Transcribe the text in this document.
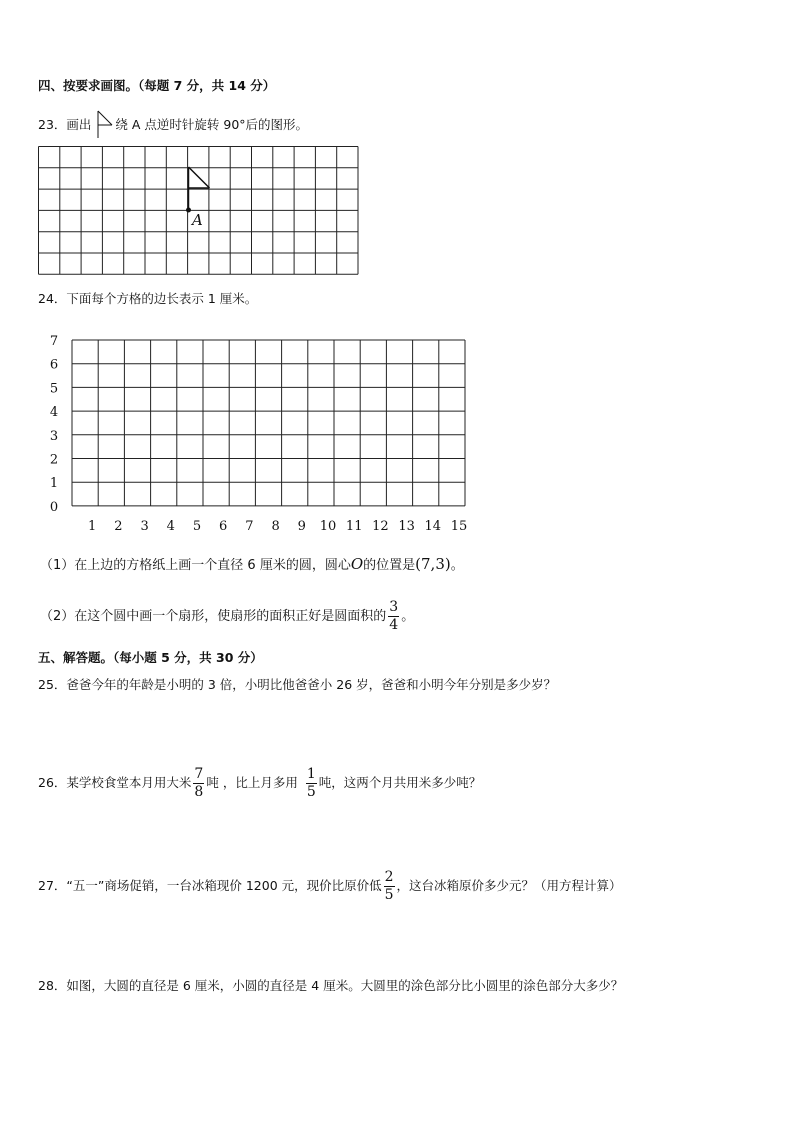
四、按要求画图。（每题 7 分，共 14 分）
23．画出 绕 A 点逆时针旋转 90°后的图形。
A
24．下面每个方格的边长表示 1 厘米。
7
6
5
4
3
2
1
0
1 2 3 4 5 6 7 8 9 10 11 12 13 14 15
（1）在上边的方格纸上画一个直径 6 厘米的圆，圆心O的位置是(7,3)。
（2）在这个圆中画一个扇形，使扇形的面积正好是圆面积的 $\frac{3}{4}$ 。
五、解答题。（每小题 5 分，共 30 分）
25．爸爸今年的年龄是小明的 3 倍，小明比他爸爸小 26 岁，爸爸和小明今年分别是多少岁？
26．某学校食堂本月用大米 $\frac{7}{8}$ 吨 ，比上月多用 $\frac{1}{5}$ 吨，这两个月共用米多少吨？
27．“五一”商场促销，一台冰箱现价 1200 元，现价比原价低 $\frac{2}{5}$ ，这台冰箱原价多少元？（用方程计算）
28．如图，大圆的直径是 6 厘米，小圆的直径是 4 厘米。大圆里的涂色部分比小圆里的涂色部分大多少？
